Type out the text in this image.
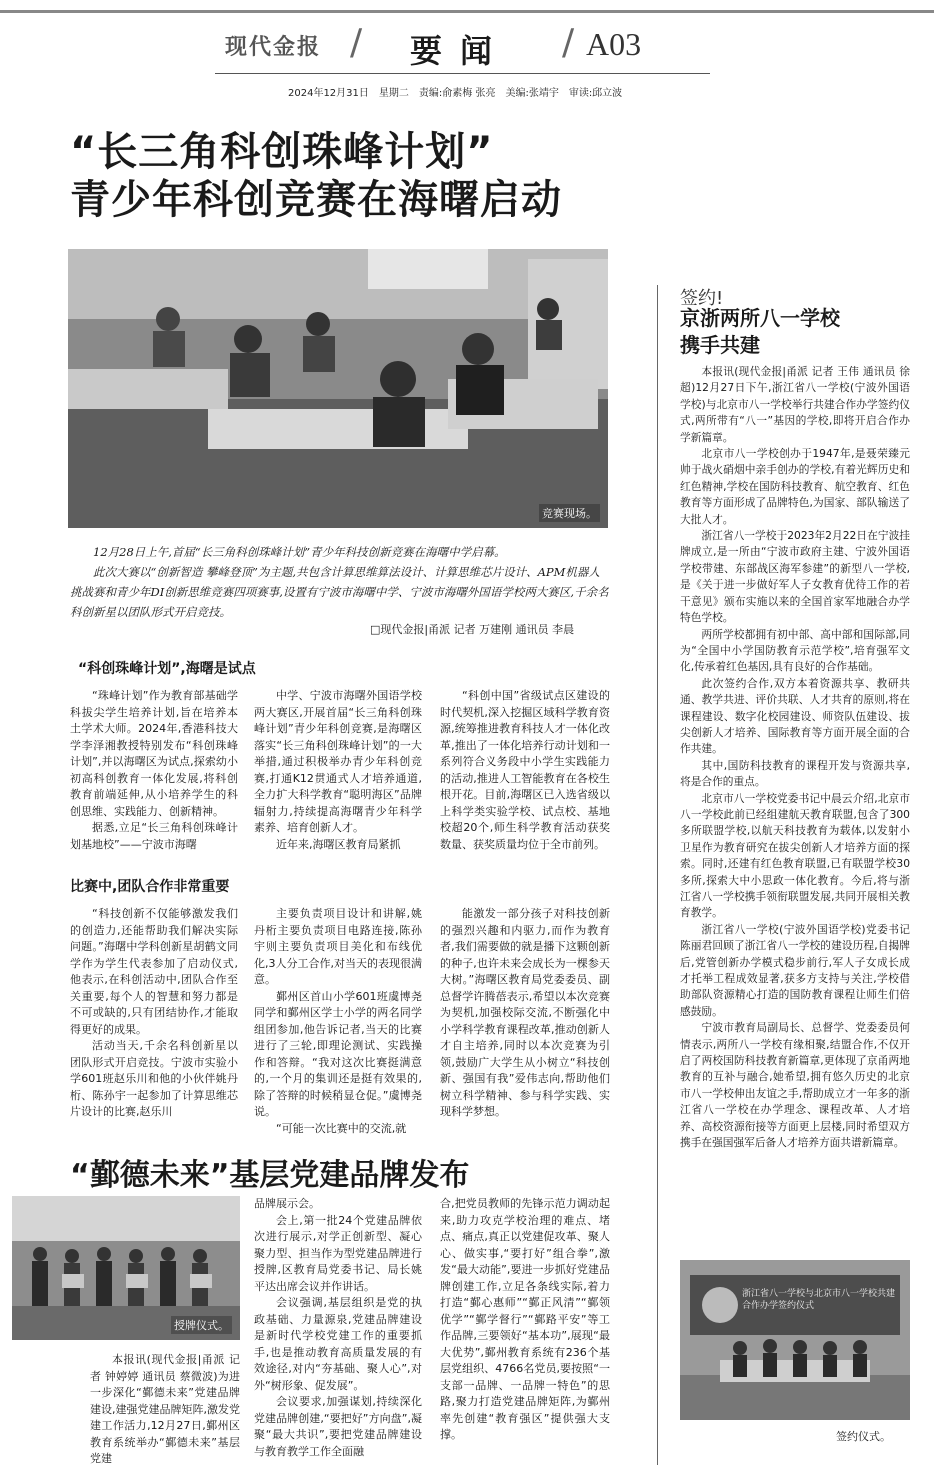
现代金报 / 要闻 / A03
2024年12月31日　星期二　责编:俞素梅 张亮　美编:张靖宇　审读:邱立波
“长三角科创珠峰计划”
青少年科创竞赛在海曙启动
竞赛现场。

12月28日上午,首届“长三角科创珠峰计划”青少年科技创新竞赛在海曙中学启幕。

此次大赛以“创新智造 攀峰登顶”为主题,共包含计算思维算法设计、计算思维芯片设计、APM机器人挑战赛和青少年DI创新思维竞赛四项赛事,设置有宁波市海曙中学、宁波市海曙外国语学校两大赛区,千余名科创新星以团队形式开启竞技。

□现代金报|甬派 记者 万建刚 通讯员 李晨
“科创珠峰计划”,海曙是试点

“珠峰计划”作为教育部基础学科拔尖学生培养计划,旨在培养本土学术大师。2024年,香港科技大学李泽湘教授特别发布“科创珠峰计划”,并以海曙区为试点,探索幼小初高科创教育一体化发展,将科创教育前端延伸,从小培养学生的科创思维、实践能力、创新精神。

据悉,立足“长三角科创珠峰计划基地校”——宁波市海曙

中学、宁波市海曙外国语学校两大赛区,开展首届“长三角科创珠峰计划”青少年科创竞赛,是海曙区落实“长三角科创珠峰计划”的一大举措,通过积极举办青少年科创竞赛,打通K12贯通式人才培养通道,全力扩大科学教育“聪明海区”品牌辐射力,持续提高海曙青少年科学素养、培育创新人才。

近年来,海曙区教育局紧抓

“科创中国”省级试点区建设的时代契机,深入挖掘区域科学教育资源,统筹推进教育科技人才一体化改革,推出了一体化培养行动计划和一系列符合义务段中小学生实践能力的活动,推进人工智能教育在各校生根开花。目前,海曙区已入选省级以上科学类实验学校、试点校、基地校超20个,师生科学教育活动获奖数量、获奖质量均位于全市前列。

比赛中,团队合作非常重要

“科技创新不仅能够激发我们的创造力,还能帮助我们解决实际问题。”海曙中学科创新星胡鹤文同学作为学生代表参加了启动仪式,他表示,在科创活动中,团队合作至关重要,每个人的智慧和努力都是不可或缺的,只有团结协作,才能取得更好的成果。

活动当天,千余名科创新星以团队形式开启竞技。宁波市实验小学601班赵乐川和他的小伙伴姚丹桁、陈孙宇一起参加了计算思维芯片设计的比赛,赵乐川

主要负责项目设计和讲解,姚丹桁主要负责项目电路连接,陈孙宇则主要负责项目美化和布线优化,3人分工合作,对当天的表现很满意。

鄞州区首山小学601班虞博尧同学和鄞州区学士小学的两名同学组团参加,他告诉记者,当天的比赛进行了三轮,即理论测试、实践操作和答辩。“我对这次比赛挺满意的,一个月的集训还是挺有效果的,除了答辩的时候稍显仓促。”虞博尧说。

“可能一次比赛中的交流,就

能激发一部分孩子对科技创新的强烈兴趣和内驱力,而作为教育者,我们需要做的就是播下这颗创新的种子,也许未来会成长为一棵参天大树。”海曙区教育局党委委员、副总督学许腾蓓表示,希望以本次竞赛为契机,加强校际交流,不断强化中小学科学教育课程改革,推动创新人才自主培养,同时以本次竞赛为引领,鼓励广大学生从小树立“科技创新、强国有我”爱伟志向,帮助他们树立科学精神、参与科学实践、实现科学梦想。

签约!
京浙两所八一学校
携手共建

本报讯(现代金报|甬派 记者 王伟 通讯员 徐超)12月27日下午,浙江省八一学校(宁波外国语学校)与北京市八一学校举行共建合作办学签约仪式,两所带有“八一”基因的学校,即将开启合作办学新篇章。

北京市八一学校创办于1947年,是聂荣臻元帅于战火硝烟中亲手创办的学校,有着光辉历史和红色精神,学校在国防科技教育、航空教育、红色教育等方面形成了品牌特色,为国家、部队输送了大批人才。

浙江省八一学校于2023年2月22日在宁波挂牌成立,是一所由“宁波市政府主建、宁波外国语学校带建、东部战区海军参建”的新型八一学校,是《关于进一步做好军人子女教育优待工作的若干意见》颁布实施以来的全国首家军地融合办学特色学校。

两所学校都拥有初中部、高中部和国际部,同为“全国中小学国防教育示范学校”,培育强军文化,传承着红色基因,具有良好的合作基础。

此次签约合作,双方本着资源共享、教研共通、教学共进、评价共联、人才共育的原则,将在课程建设、数字化校园建设、师资队伍建设、拔尖创新人才培养、国际教育等方面开展全面的合作共建。

其中,国防科技教育的课程开发与资源共享,将是合作的重点。

北京市八一学校党委书记中晨云介绍,北京市八一学校此前已经组建航天教育联盟,包含了300多所联盟学校,以航天科技教育为载体,以发射小卫星作为教育研究在拔尖创新人才培养方面的探索。同时,还建有红色教育联盟,已有联盟学校30多所,探索大中小思政一体化教育。今后,将与浙江省八一学校携手领衔联盟发展,共同开展相关教育教学。

浙江省八一学校(宁波外国语学校)党委书记陈丽君回顾了浙江省八一学校的建设历程,自揭牌后,党管创新办学模式稳步前行,军人子女成长成才托举工程成效显著,获多方支持与关注,学校借助部队资源精心打造的国防教育课程让师生们倍感鼓励。

宁波市教育局副局长、总督学、党委委员何情表示,两所八一学校有缘相聚,结盟合作,不仅开启了两校国防科技教育新篇章,更体现了京甬两地教育的互补与融合,她希望,拥有悠久历史的北京市八一学校伸出友谊之手,帮助成立才一年多的浙江省八一学校在办学理念、课程改革、人才培养、高校资源衔接等方面更上层楼,同时希望双方携手在强国强军后备人才培养方面共谱新篇章。

浙江省八一学校与北京市八一学校共建合作办学签约仪式
签约仪式。
“鄞德未来”基层党建品牌发布
授牌仪式。

本报讯(现代金报|甬派 记者 钟婷婷 通讯员 蔡微波)为进一步深化“鄞德未来”党建品牌建设,建强党建品牌矩阵,激发党建工作活力,12月27日,鄞州区教育系统举办“鄞德未来”基层党建

品牌展示会。

会上,第一批24个党建品牌依次进行展示,对学正创新型、凝心聚力型、担当作为型党建品牌进行授牌,区教育局党委书记、局长姚平达出席会议并作讲话。

会议强调,基层组织是党的执政基础、力量源泉,党建品牌建设是新时代学校党建工作的重要抓手,也是推动教育高质量发展的有效途径,对内“夯基础、聚人心”,对外“树形象、促发展”。

会议要求,加强谋划,持续深化党建品牌创建,“要把好”方向盘”,凝聚“最大共识”,要把党建品牌建设与教育教学工作全面融

合,把党员教师的先锋示范力调动起来,助力攻克学校治理的难点、堵点、痛点,真正以党建促攻革、聚人心、做实事,“要打好”组合拳”,激发“最大动能”,要进一步抓好党建品牌创建工作,立足各条线实际,着力打造“鄞心惠师”“鄞正风清”“鄞领优学”“鄞学督行”“鄞路平安”等工作品牌,三要领好“基本功”,展现“最大优势”,鄞州教育系统有236个基层党组织、4766名党员,要按照“一支部一品牌、一品牌一特色”的思路,聚力打造党建品牌矩阵,为鄞州率先创建“教育强区”提供强大支撑。
